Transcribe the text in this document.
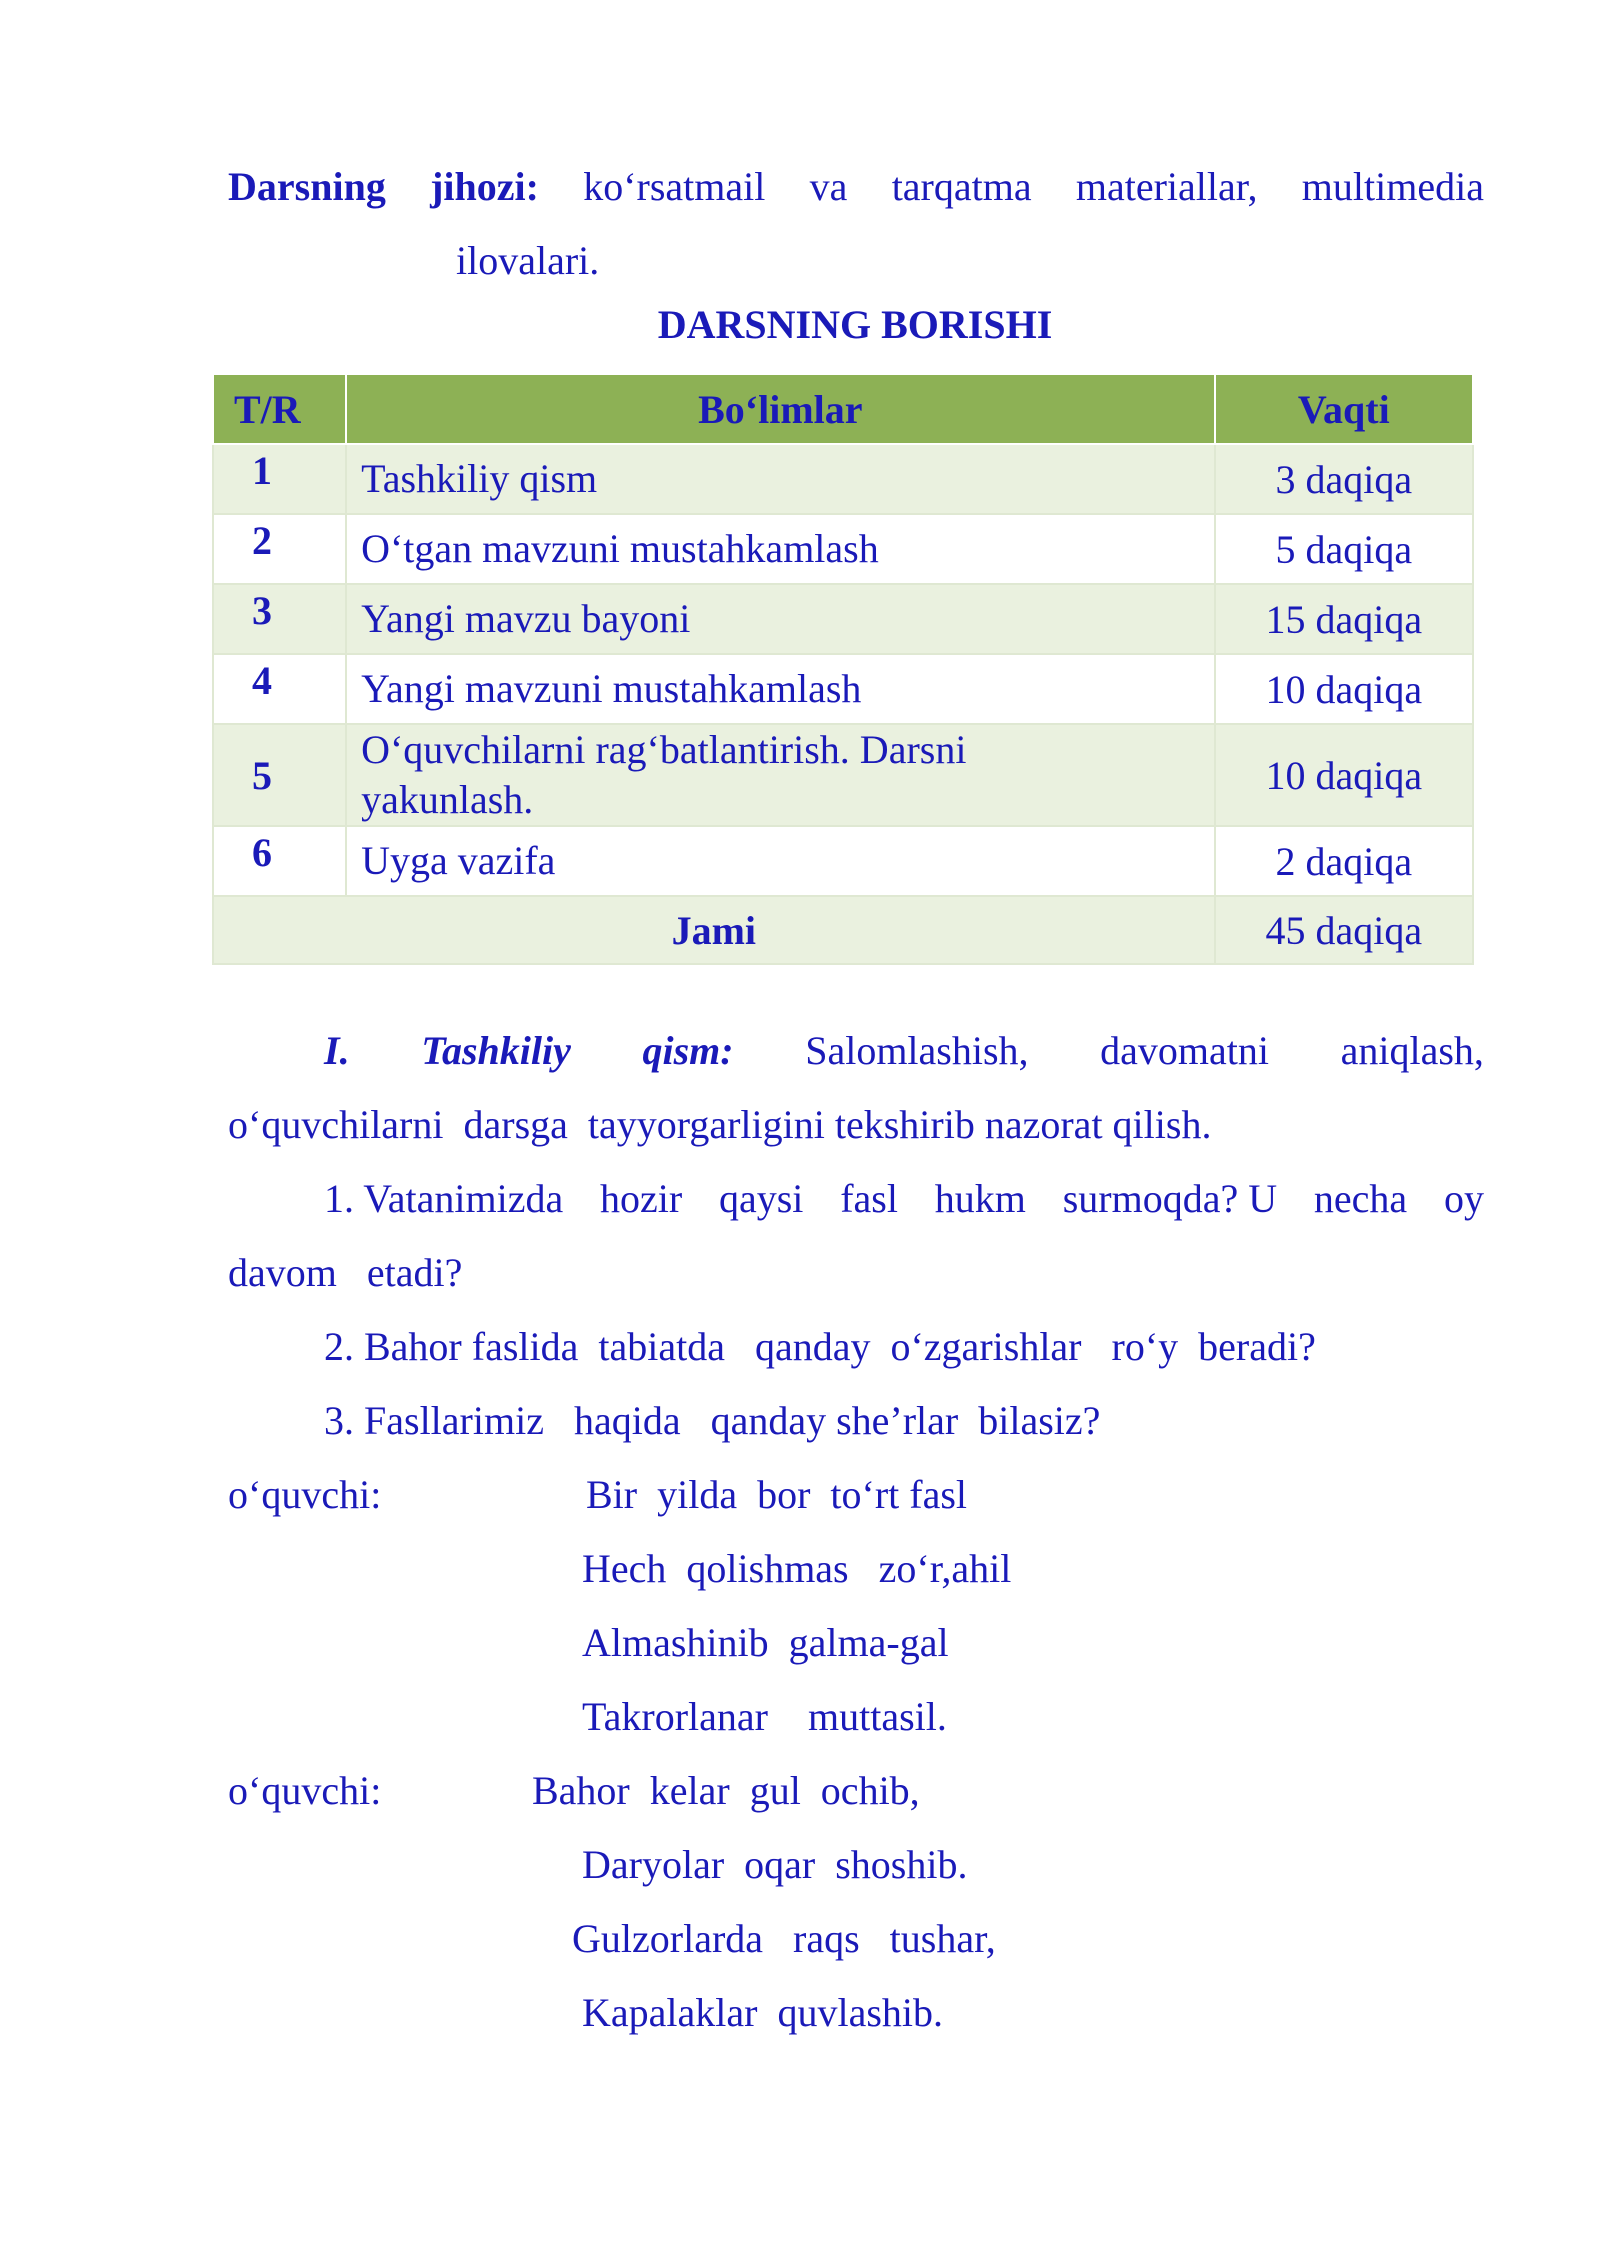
Darsning jihozi: ko‘rsatmail va tarqatma materiallar, multimedia
ilovalari.
DARSNING BORISHI
T/R	Bo‘limlar	Vaqti
1	Tashkiliy qism	3 daqiqa
2	O‘tgan mavzuni mustahkamlash	5 daqiqa
3	Yangi mavzu bayoni	15 daqiqa
4	Yangi mavzuni mustahkamlash	10 daqiqa
5	O‘quvchilarni rag‘batlantirish. Darsni yakunlash.	10 daqiqa
6	Uyga vazifa	2 daqiqa
Jami		45 daqiqa
I. Tashkiliy qism: Salomlashish, davomatni aniqlash,
o‘quvchilarni  darsga  tayyorgarligini tekshirib nazorat qilish.
1. Vatanimizda hozir qaysi fasl hukm surmoqda? U necha oy
davom   etadi?
2. Bahor faslida  tabiatda   qanday  o‘zgarishlar   ro‘y  beradi?
3. Fasllarimiz   haqida   qanday she’rlar  bilasiz?
o‘quvchi:	Bir  yilda  bor  to‘rt fasl
Hech  qolishmas   zo‘r,ahil
Almashinib  galma-gal
Takrorlanar    muttasil.
o‘quvchi:	Bahor  kelar  gul  ochib,
Daryolar  oqar  shoshib.
Gulzorlarda   raqs   tushar,
Kapalaklar  quvlashib.
